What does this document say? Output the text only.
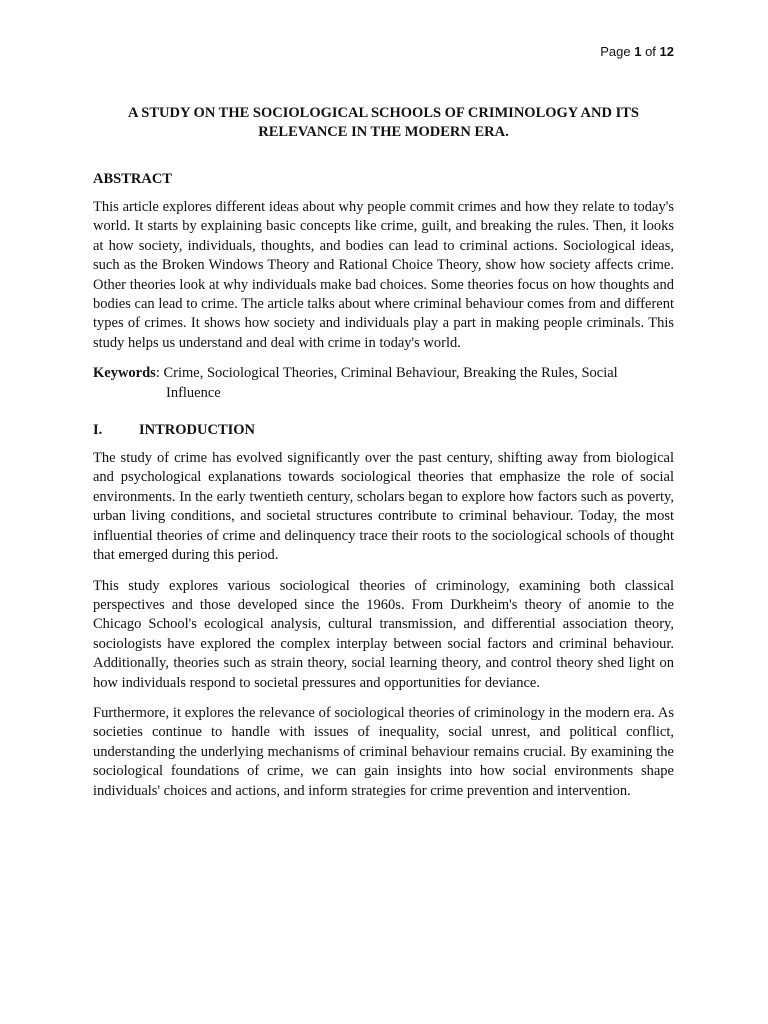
Page 1 of 12
A STUDY ON THE SOCIOLOGICAL SCHOOLS OF CRIMINOLOGY AND ITS RELEVANCE IN THE MODERN ERA.
ABSTRACT

This article explores different ideas about why people commit crimes and how they relate to today's world. It starts by explaining basic concepts like crime, guilt, and breaking the rules. Then, it looks at how society, individuals, thoughts, and bodies can lead to criminal actions. Sociological ideas, such as the Broken Windows Theory and Rational Choice Theory, show how society affects crime. Other theories look at why individuals make bad choices. Some theories focus on how thoughts and bodies can lead to crime. The article talks about where criminal behaviour comes from and different types of crimes. It shows how society and individuals play a part in making people criminals. This study helps us understand and deal with crime in today's world.

Keywords: Crime, Sociological Theories, Criminal Behaviour, Breaking the Rules, Social Influence
I.	INTRODUCTION

The study of crime has evolved significantly over the past century, shifting away from biological and psychological explanations towards sociological theories that emphasize the role of social environments. In the early twentieth century, scholars began to explore how factors such as poverty, urban living conditions, and societal structures contribute to criminal behaviour. Today, the most influential theories of crime and delinquency trace their roots to the sociological schools of thought that emerged during this period.

This study explores various sociological theories of criminology, examining both classical perspectives and those developed since the 1960s. From Durkheim's theory of anomie to the Chicago School's ecological analysis, cultural transmission, and differential association theory, sociologists have explored the complex interplay between social factors and criminal behaviour. Additionally, theories such as strain theory, social learning theory, and control theory shed light on how individuals respond to societal pressures and opportunities for deviance.

Furthermore, it explores the relevance of sociological theories of criminology in the modern era. As societies continue to handle with issues of inequality, social unrest, and political conflict, understanding the underlying mechanisms of criminal behaviour remains crucial. By examining the sociological foundations of crime, we can gain insights into how social environments shape individuals' choices and actions, and inform strategies for crime prevention and intervention.
